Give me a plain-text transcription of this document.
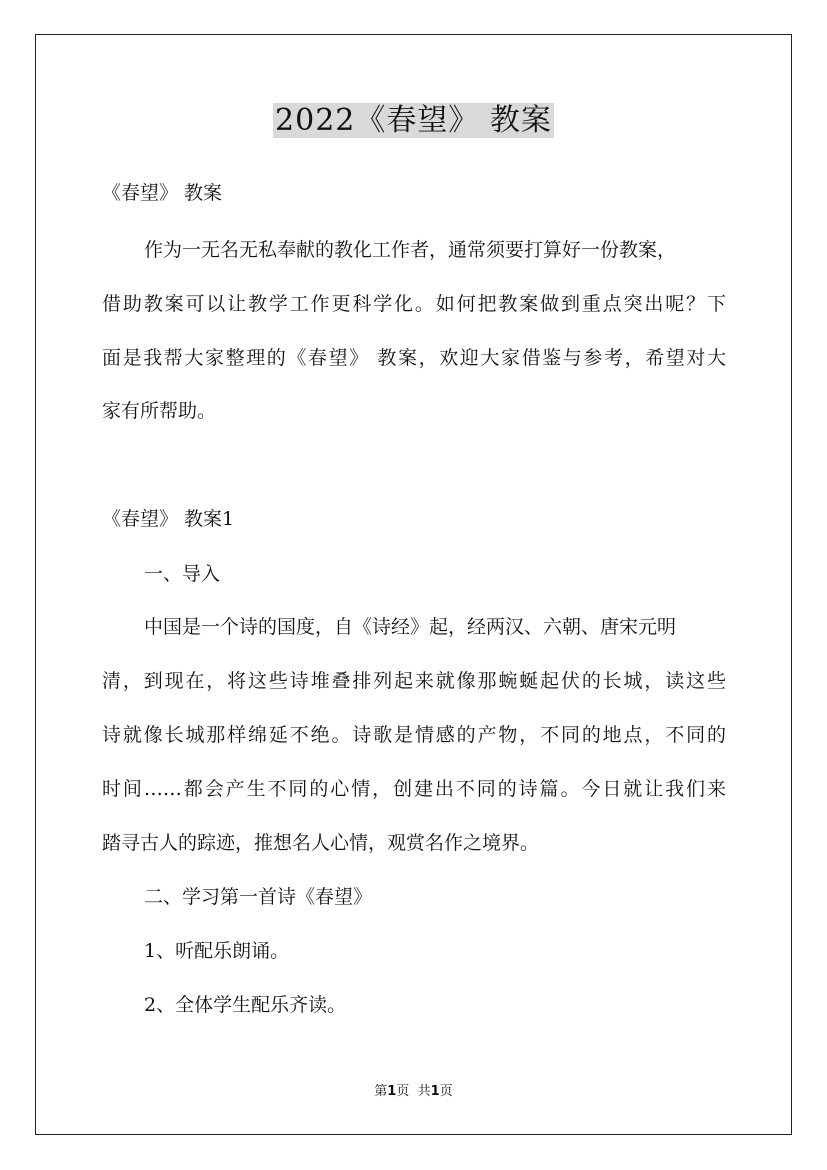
2022《春望》 教案
《春望》 教案
作为一无名无私奉献的教化工作者，通常须要打算好一份教案，
借助教案可以让教学工作更科学化。如何把教案做到重点突出呢？下
面是我帮大家整理的《春望》 教案，欢迎大家借鉴与参考，希望对大
家有所帮助。
《春望》 教案1
一、导入
中国是一个诗的国度，自《诗经》起，经两汉、六朝、唐宋元明
清，到现在，将这些诗堆叠排列起来就像那蜿蜒起伏的长城，读这些
诗就像长城那样绵延不绝。诗歌是情感的产物，不同的地点，不同的
时间……都会产生不同的心情，创建出不同的诗篇。今日就让我们来
踏寻古人的踪迹，推想名人心情，观赏名作之境界。
二、学习第一首诗《春望》
1、听配乐朗诵。
2、全体学生配乐齐读。
第1页 共1页
